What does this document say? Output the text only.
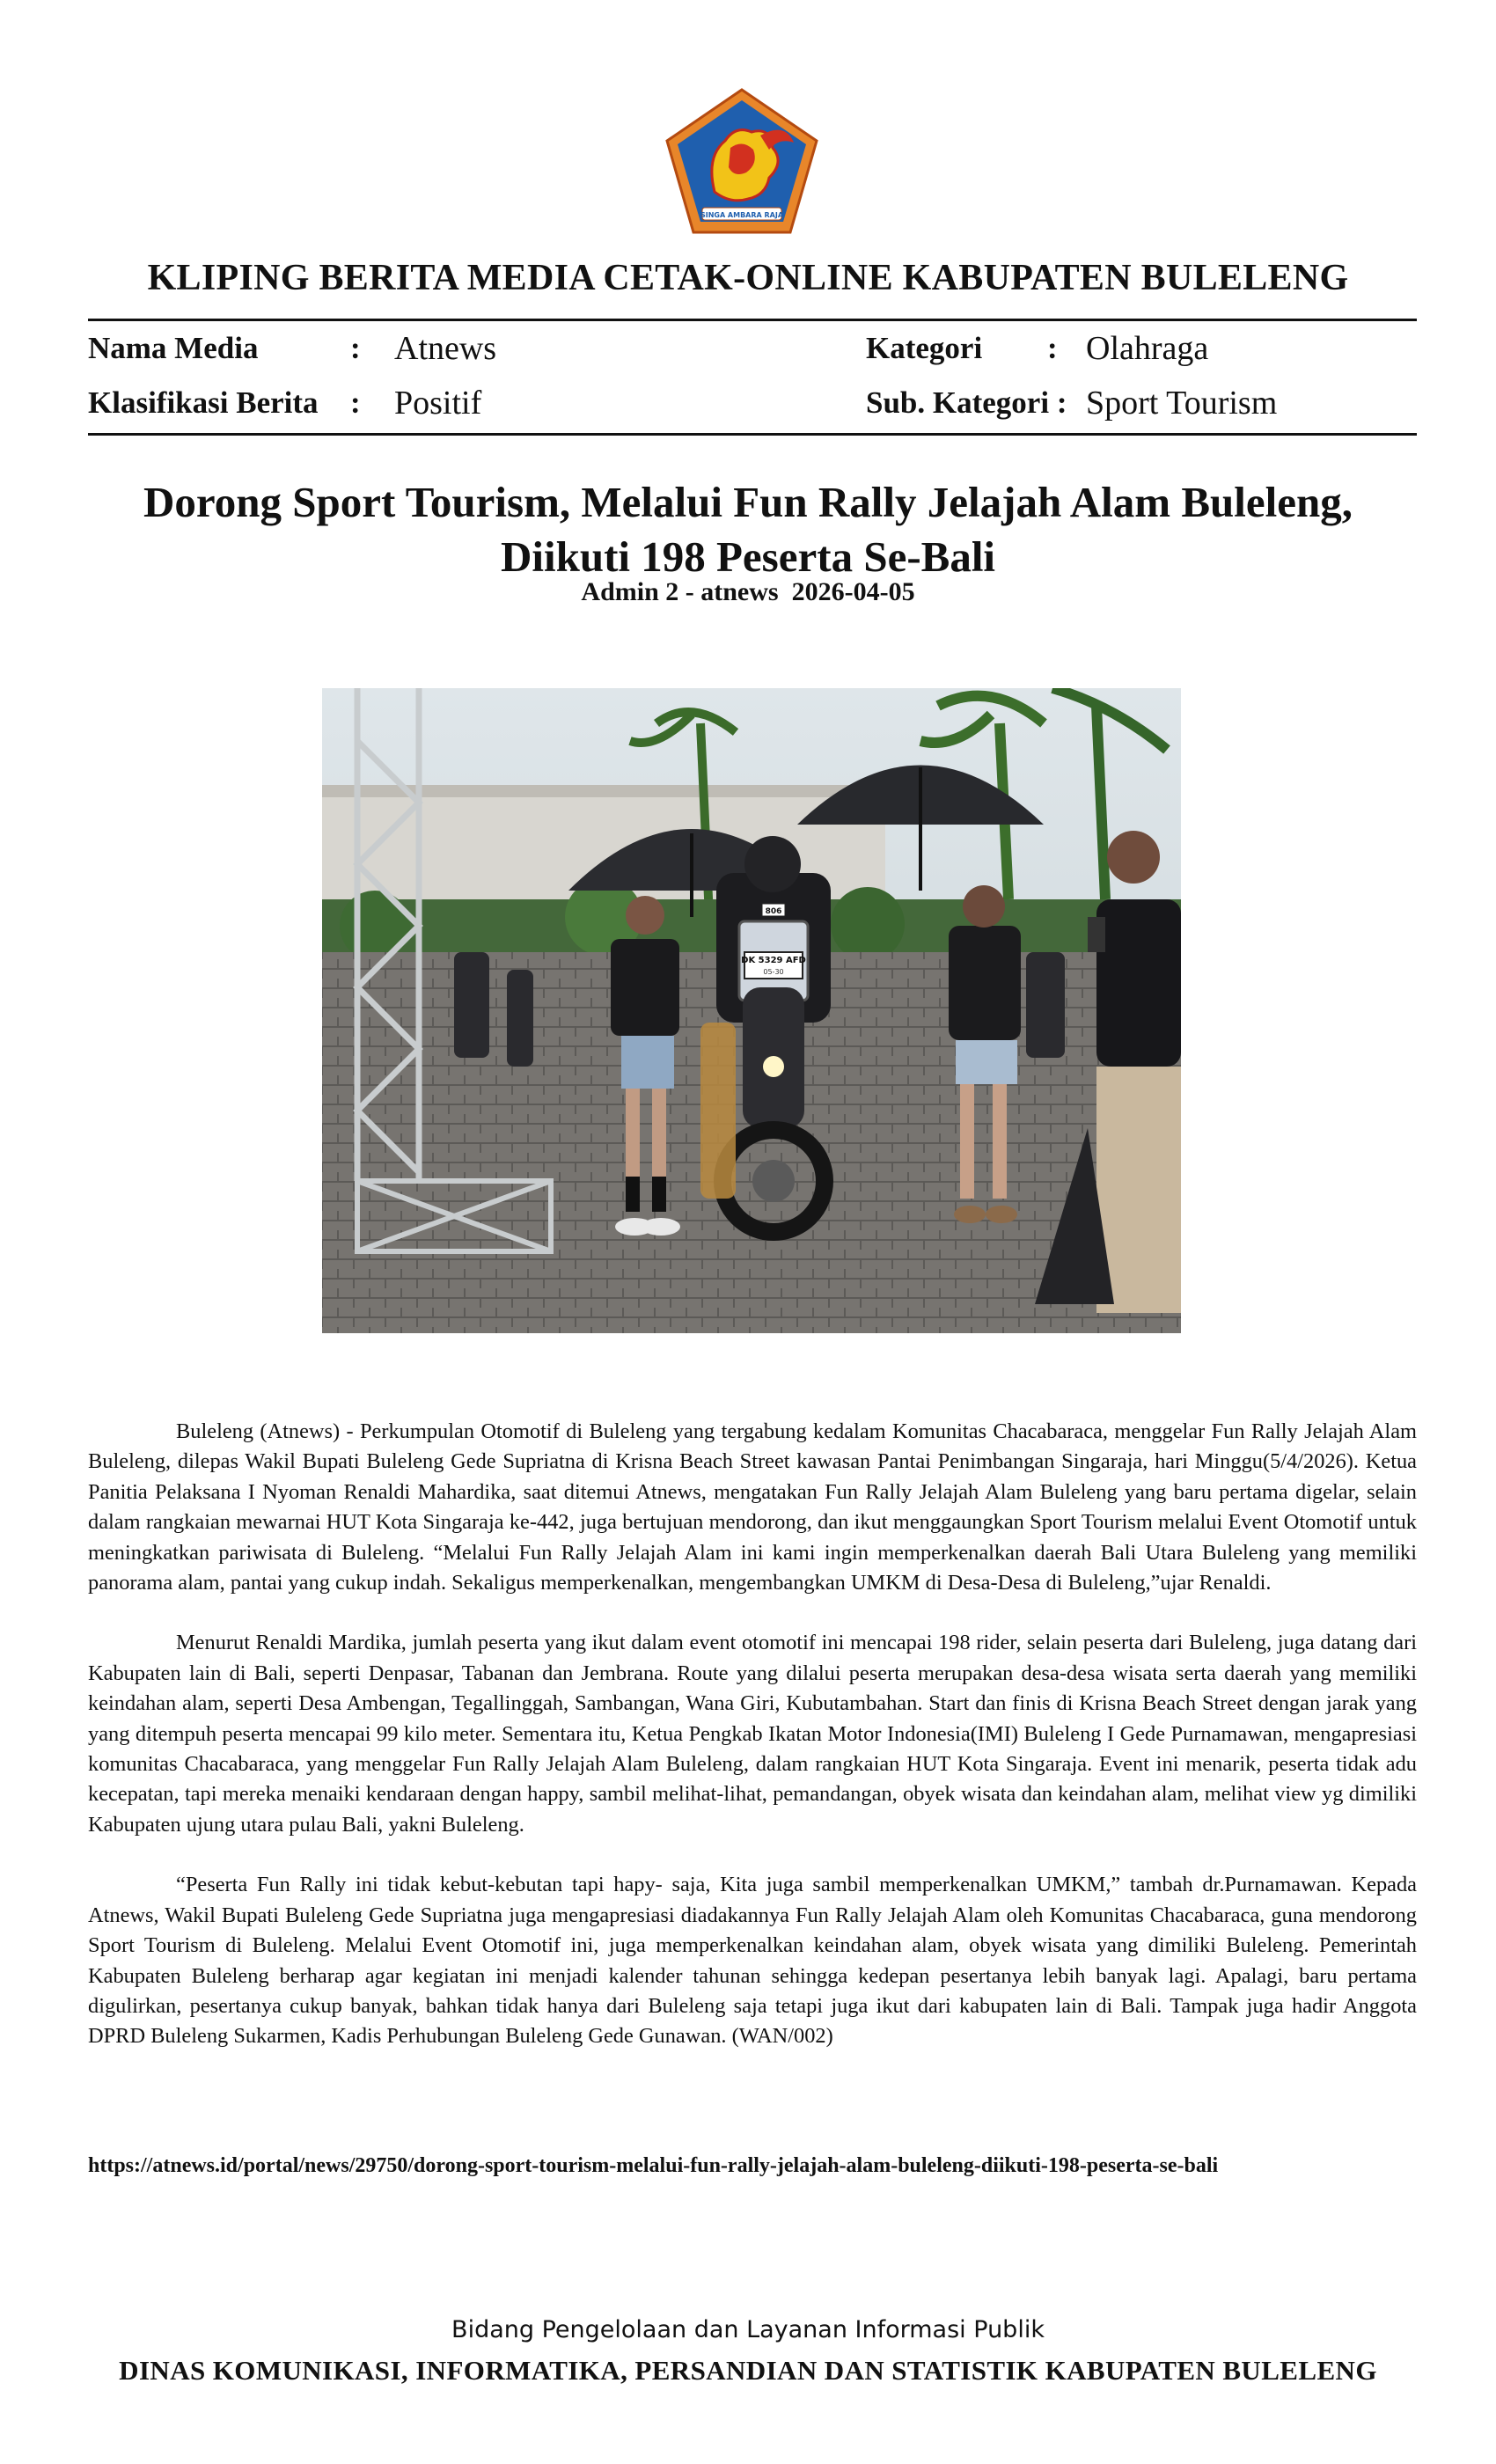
SINGA AMBARA RAJA
KLIPING BERITA MEDIA CETAK-ONLINE KABUPATEN BULELENG
Nama Media	: Atnews	Kategori : Olahraga
Klasifikasi Berita : Positif	Sub. Kategori : Sport Tourism
Dorong Sport Tourism, Melalui Fun Rally Jelajah Alam Buleleng,
Diikuti 198 Peserta Se-Bali
Admin 2 - atnews  2026-04-05
DK 5329 AFD
05-30
806

Buleleng (Atnews) - Perkumpulan Otomotif di Buleleng yang tergabung kedalam Komunitas Chacabaracа, menggelar Fun Rally Jelajah Alam Buleleng, dilepas Wakil Bupati Buleleng Gede Supriatna di Krisna Beach Street kawasan Pantai Penimbangan Singaraja, hari Minggu(5/4/2026). Ketua Panitia Pelaksana I Nyoman Renaldi Mahardika, saat ditemui Atnews, mengatakan Fun Rally Jelajah Alam Buleleng yang baru pertama digelar, selain dalam rangkaian mewarnai HUT Kota Singaraja ke-442, juga bertujuan mendorong, dan ikut menggaungkan Sport Tourism melalui Event Otomotif untuk meningkatkan pariwisata di Buleleng. “Melalui Fun Rally Jelajah Alam ini kami ingin memperkenalkan daerah Bali Utara Buleleng yang memiliki panorama alam, pantai yang cukup indah. Sekaligus memperkenalkan, mengembangkan UMKM di Desa-Desa di Buleleng,”ujar Renaldi.

Menurut Renaldi Mardika, jumlah peserta yang ikut dalam event otomotif ini mencapai 198 rider, selain peserta dari Buleleng, juga datang dari Kabupaten lain di Bali, seperti Denpasar, Tabanan dan Jembrana. Route yang dilalui peserta merupakan desa-desa wisata serta daerah yang memiliki keindahan alam, seperti Desa Ambengan, Tegallinggah, Sambangan, Wana Giri, Kubutambahan. Start dan finis di Krisna Beach Street dengan jarak yang yang ditempuh peserta mencapai 99 kilo meter. Sementara itu, Ketua Pengkab Ikatan Motor Indonesia(IMI) Buleleng I Gede Purnamawan, mengapresiasi komunitas Chacabaraca, yang menggelar Fun Rally Jelajah Alam Buleleng, dalam rangkaian HUT Kota Singaraja. Event ini menarik, peserta tidak adu kecepatan, tapi mereka menaiki kendaraan dengan happy, sambil melihat-lihat, pemandangan, obyek wisata dan keindahan alam, melihat view yg dimiliki Kabupaten ujung utara pulau Bali, yakni Buleleng.

“Peserta Fun Rally ini tidak kebut-kebutan tapi hapy- saja, Kita juga sambil memperkenalkan UMKM,” tambah dr.Purnamawan. Kepada Atnews, Wakil Bupati Buleleng Gede Supriatna juga mengapresiasi diadakannya Fun Rally Jelajah Alam oleh Komunitas Chacabaraca, guna mendorong Sport Tourism di Buleleng. Melalui Event Otomotif ini, juga memperkenalkan keindahan alam, obyek wisata yang dimiliki Buleleng. Pemerintah Kabupaten Buleleng berharap agar kegiatan ini menjadi kalender tahunan sehingga kedepan pesertanya lebih banyak lagi. Apalagi, baru pertama digulirkan, pesertanya cukup banyak, bahkan tidak hanya dari Buleleng saja tetapi juga ikut dari kabupaten lain di Bali. Tampak juga hadir Anggota DPRD Buleleng Sukarmen, Kadis Perhubungan Buleleng Gede Gunawan. (WAN/002)

https://atnews.id/portal/news/29750/dorong-sport-tourism-melalui-fun-rally-jelajah-alam-buleleng-diikuti-198-peserta-se-bali
Bidang Pengelolaan dan Layanan Informasi Publik
DINAS KOMUNIKASI, INFORMATIKA, PERSANDIAN DAN STATISTIK KABUPATEN BULELENG
